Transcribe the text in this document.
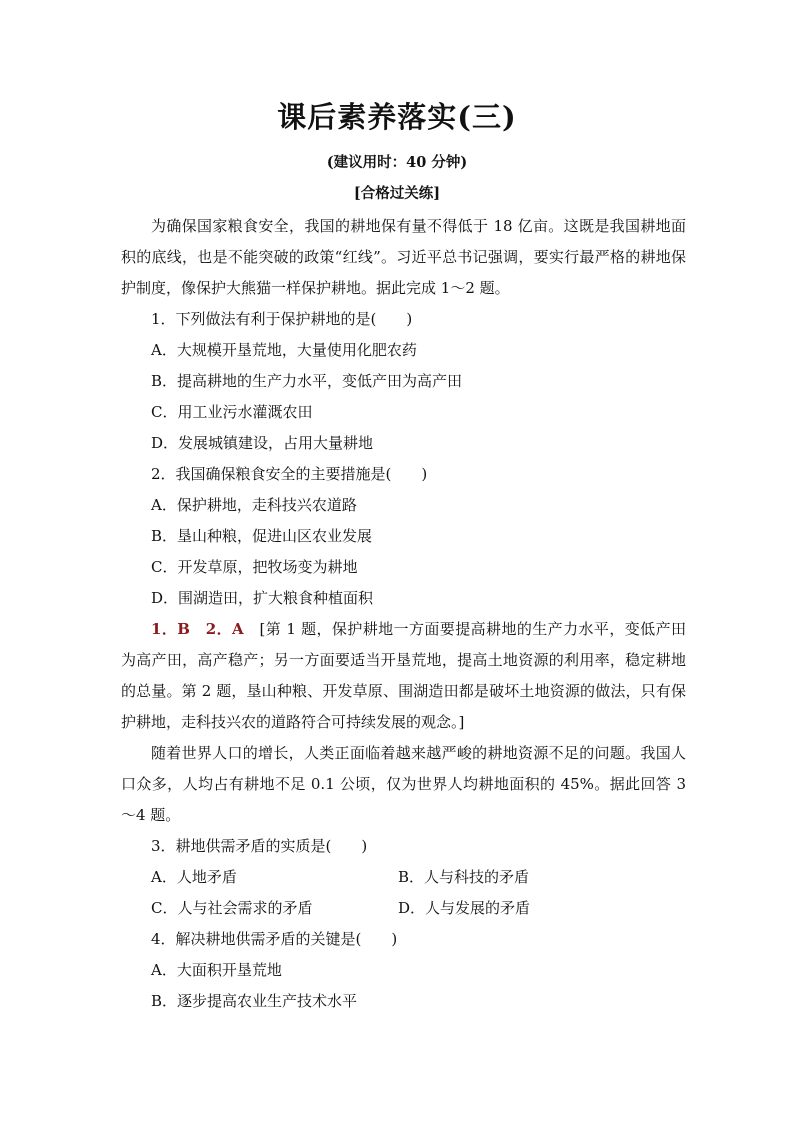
课后素养落实(三)
(建议用时：40 分钟)
[合格过关练]

为确保国家粮食安全，我国的耕地保有量不得低于 18 亿亩。这既是我国耕地面积的底线，也是不能突破的政策“红线”。习近平总书记强调，要实行最严格的耕地保护制度，像保护大熊猫一样保护耕地。据此完成 1～2 题。

1．下列做法有利于保护耕地的是(　　)

A．大规模开垦荒地，大量使用化肥农药

B．提高耕地的生产力水平，变低产田为高产田

C．用工业污水灌溉农田

D．发展城镇建设，占用大量耕地

2．我国确保粮食安全的主要措施是(　　)

A．保护耕地，走科技兴农道路

B．垦山种粮，促进山区农业发展

C．开发草原，把牧场变为耕地

D．围湖造田，扩大粮食种植面积

1．B　2．A　 [第 1 题，保护耕地一方面要提高耕地的生产力水平，变低产田为高产田，高产稳产；另一方面要适当开垦荒地，提高土地资源的利用率，稳定耕地的总量。第 2 题，垦山种粮、开发草原、围湖造田都是破坏土地资源的做法，只有保护耕地，走科技兴农的道路符合可持续发展的观念。]

随着世界人口的增长，人类正面临着越来越严峻的耕地资源不足的问题。我国人口众多，人均占有耕地不足 0.1 公顷，仅为世界人均耕地面积的 45%。据此回答 3～4 题。

3．耕地供需矛盾的实质是(　　)

A．人地矛盾	B．人与科技的矛盾
C．人与社会需求的矛盾	D．人与发展的矛盾

4．解决耕地供需矛盾的关键是(　　)

A．大面积开垦荒地

B．逐步提高农业生产技术水平
